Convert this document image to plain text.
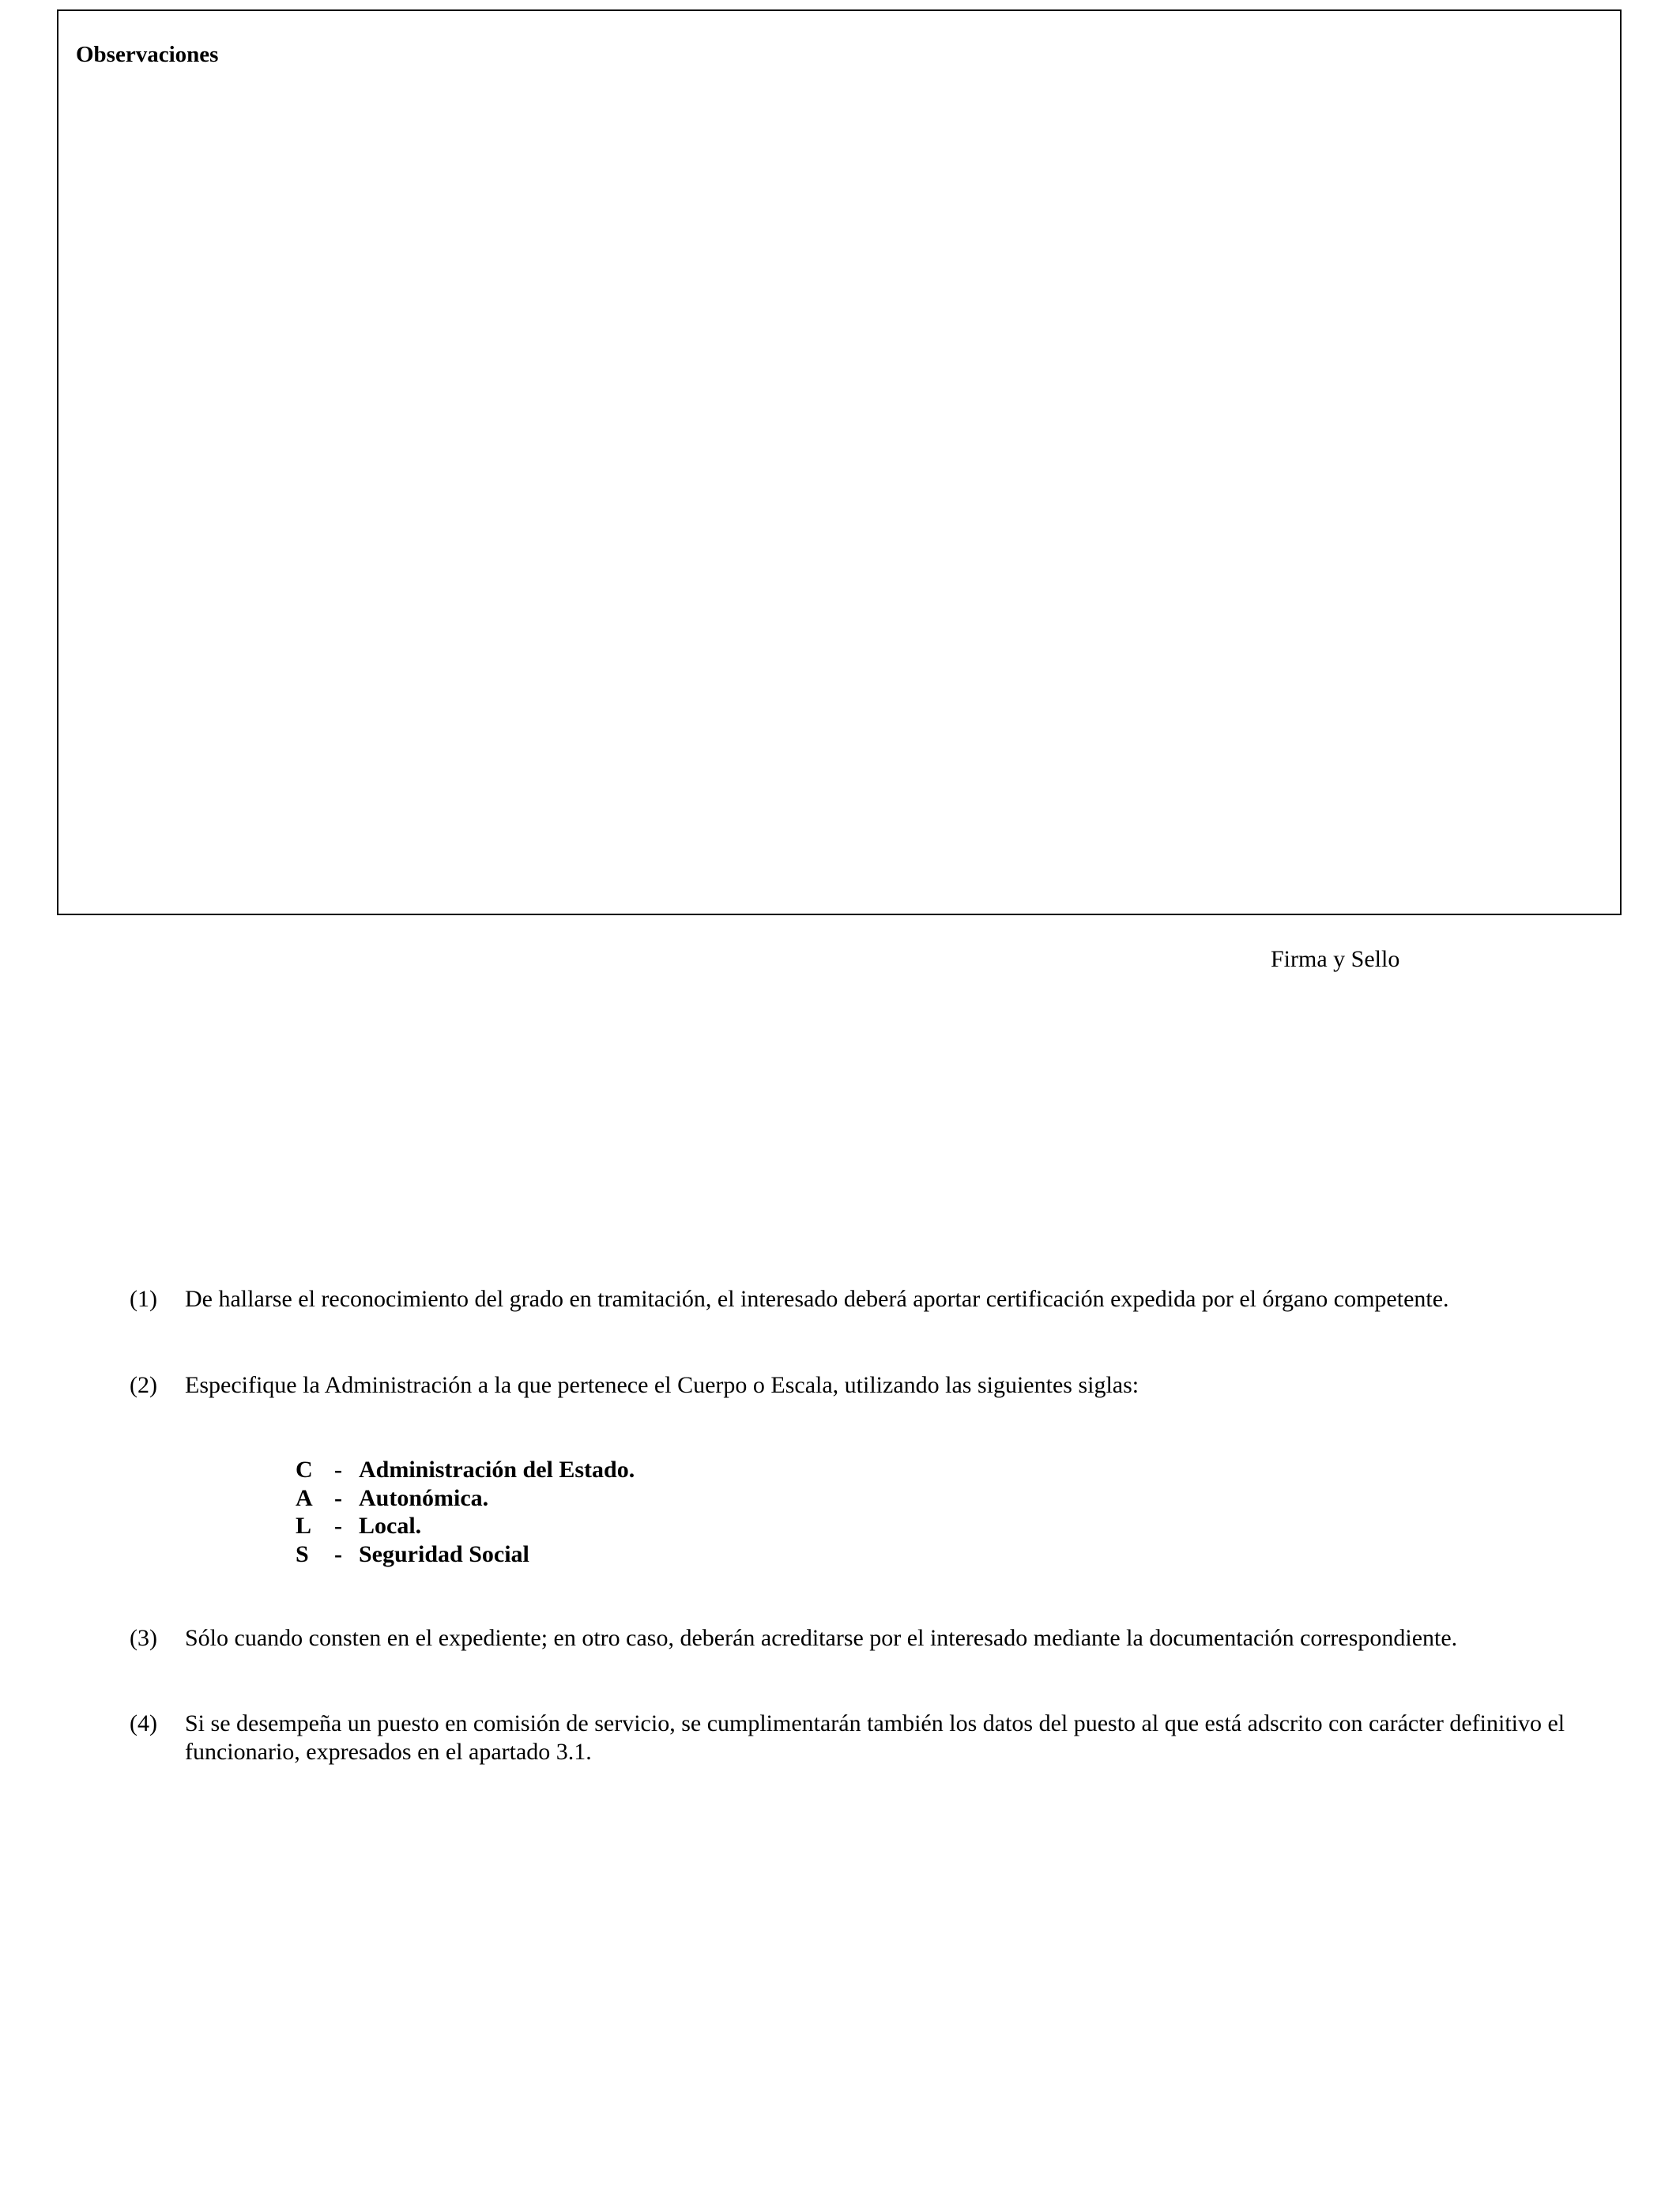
Observaciones
Firma y Sello
(1) De hallarse el reconocimiento del grado en tramitación, el interesado deberá aportar certificación expedida por el órgano competente.
(2) Especifique la Administración a la que pertenece el Cuerpo o Escala, utilizando las siguientes siglas:
C - Administración del Estado.
A - Autonómica.
L - Local.
S	- Seguridad Social
(3) Sólo cuando consten en el expediente; en otro caso, deberán acreditarse por el interesado mediante la documentación correspondiente.
(4) Si se desempeña un puesto en comisión de servicio, se cumplimentarán también los datos del puesto al que está adscrito con carácter definitivo el funcionario, expresados en el apartado 3.1.
